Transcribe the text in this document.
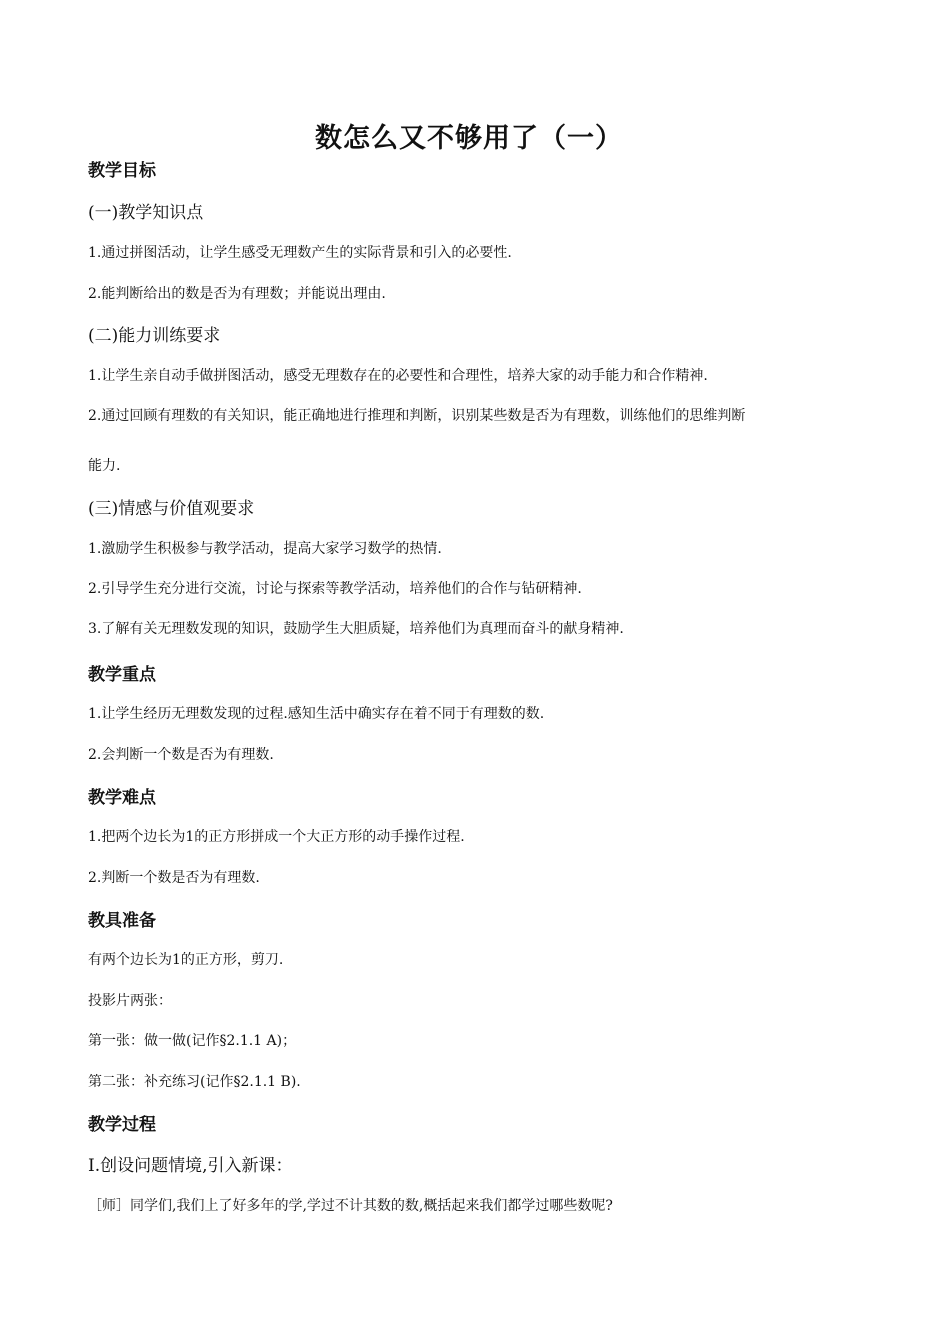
数怎么又不够用了（一）
教学目标
(一)教学知识点
1.通过拼图活动，让学生感受无理数产生的实际背景和引入的必要性.
2.能判断给出的数是否为有理数；并能说出理由.
(二)能力训练要求
1.让学生亲自动手做拼图活动，感受无理数存在的必要性和合理性，培养大家的动手能力和合作精神.
2.通过回顾有理数的有关知识，能正确地进行推理和判断，识别某些数是否为有理数，训练他们的思维判断
能力.
(三)情感与价值观要求
1.激励学生积极参与教学活动，提高大家学习数学的热情.
2.引导学生充分进行交流，讨论与探索等教学活动，培养他们的合作与钻研精神.
3.了解有关无理数发现的知识，鼓励学生大胆质疑，培养他们为真理而奋斗的献身精神.
教学重点
1.让学生经历无理数发现的过程.感知生活中确实存在着不同于有理数的数.
2.会判断一个数是否为有理数.
教学难点
1.把两个边长为1的正方形拼成一个大正方形的动手操作过程.
2.判断一个数是否为有理数.
教具准备
有两个边长为1的正方形，剪刀.
投影片两张：
第一张：做一做(记作§2.1.1 A)；
第二张：补充练习(记作§2.1.1 B).
教学过程
Ⅰ.创设问题情境,引入新课：
［师］同学们,我们上了好多年的学,学过不计其数的数,概括起来我们都学过哪些数呢?
